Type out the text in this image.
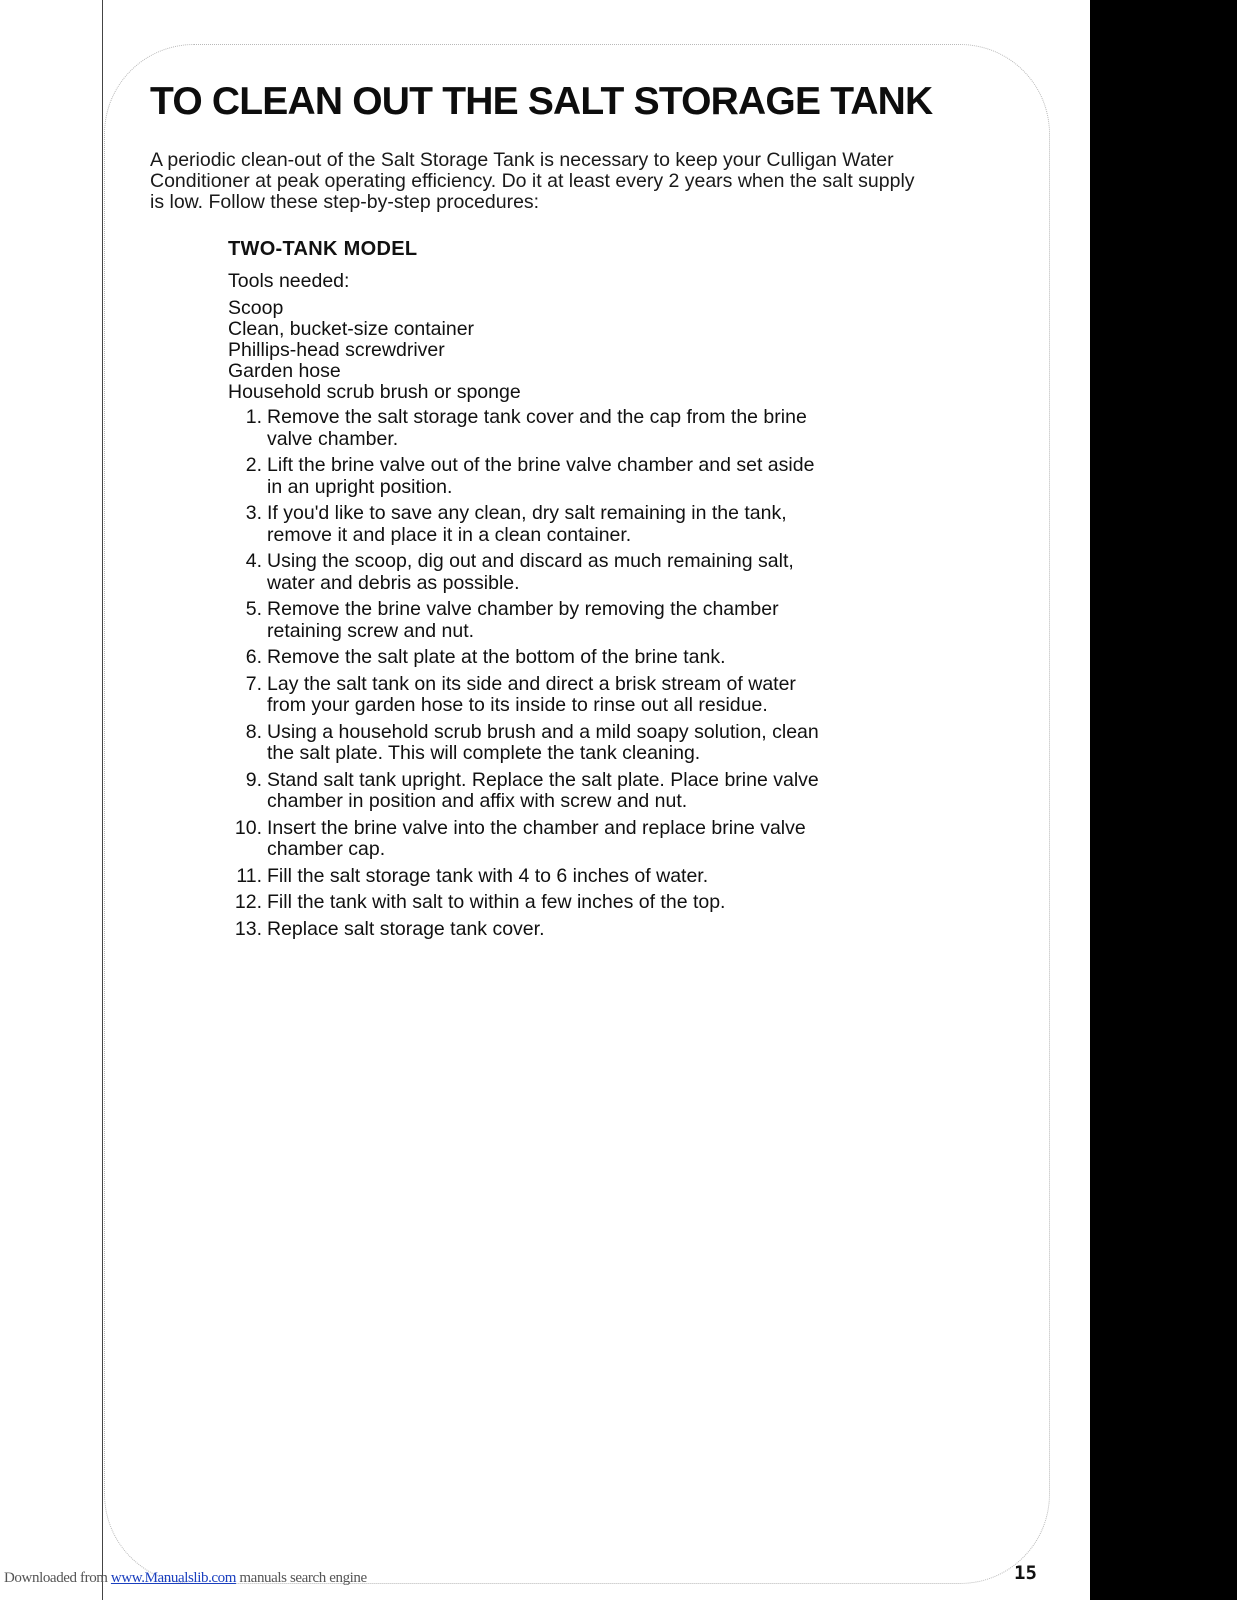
TO CLEAN OUT THE SALT STORAGE TANK

A periodic clean-out of the Salt Storage Tank is necessary to keep your Culligan Water Conditioner at peak operating efficiency. Do it at least every 2 years when the salt supply is low. Follow these step-by-step procedures:

TWO-TANK MODEL

Tools needed:

Scoop
Clean, bucket-size container
Phillips-head screwdriver
Garden hose
Household scrub brush or sponge
1. Remove the salt storage tank cover and the cap from the brine valve chamber.
2. Lift the brine valve out of the brine valve chamber and set aside in an upright position.
3. If you'd like to save any clean, dry salt remaining in the tank, remove it and place it in a clean container.
4. Using the scoop, dig out and discard as much remaining salt, water and debris as possible.
5. Remove the brine valve chamber by removing the chamber retaining screw and nut.
6. Remove the salt plate at the bottom of the brine tank.
7. Lay the salt tank on its side and direct a brisk stream of water from your garden hose to its inside to rinse out all residue.
8. Using a household scrub brush and a mild soapy solution, clean the salt plate. This will complete the tank cleaning.
9. Stand salt tank upright. Replace the salt plate. Place brine valve chamber in position and affix with screw and nut.
10. Insert the brine valve into the chamber and replace brine valve chamber cap.
11. Fill the salt storage tank with 4 to 6 inches of water.
12. Fill the tank with salt to within a few inches of the top.
13. Replace salt storage tank cover.
15
Downloaded from www.Manualslib.com manuals search engine
